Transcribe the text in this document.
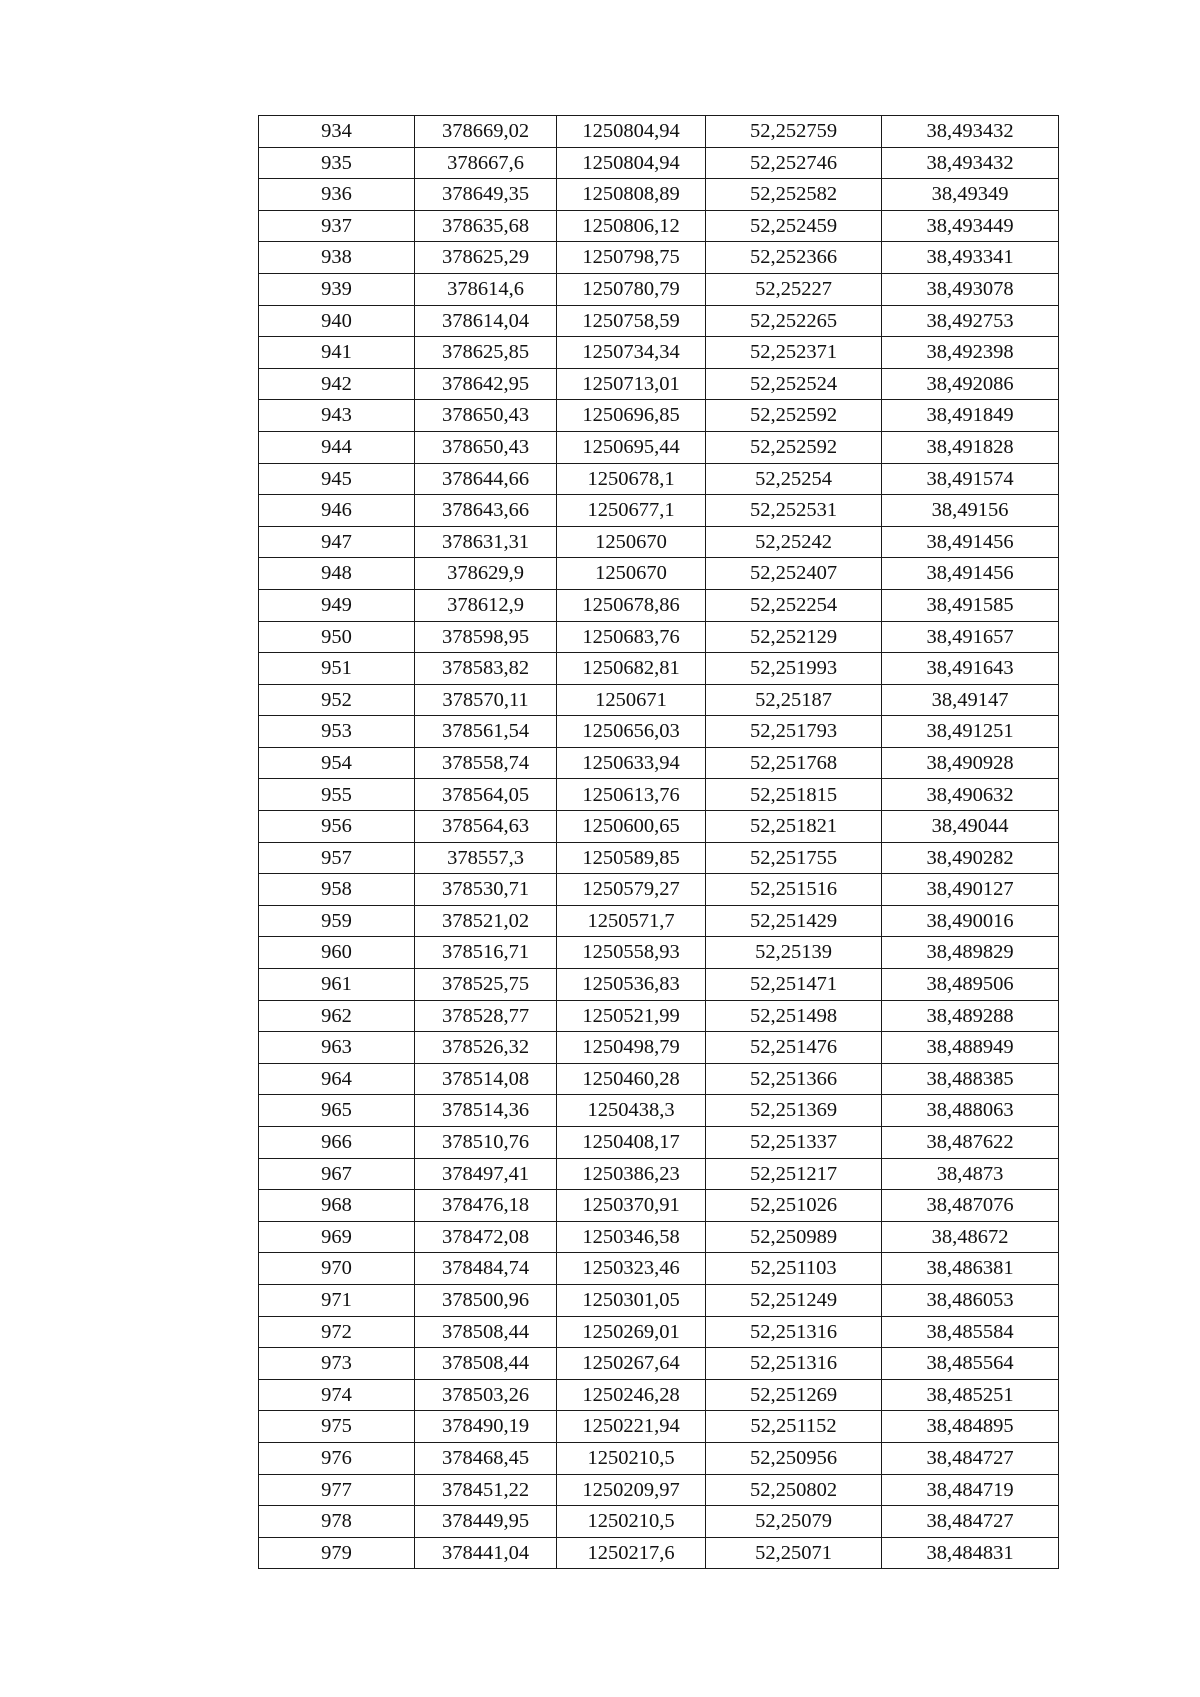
934	378669,02	1250804,94	52,252759	38,493432
935	378667,6	1250804,94	52,252746	38,493432
936	378649,35	1250808,89	52,252582	38,49349
937	378635,68	1250806,12	52,252459	38,493449
938	378625,29	1250798,75	52,252366	38,493341
939	378614,6	1250780,79	52,25227	38,493078
940	378614,04	1250758,59	52,252265	38,492753
941	378625,85	1250734,34	52,252371	38,492398
942	378642,95	1250713,01	52,252524	38,492086
943	378650,43	1250696,85	52,252592	38,491849
944	378650,43	1250695,44	52,252592	38,491828
945	378644,66	1250678,1	52,25254	38,491574
946	378643,66	1250677,1	52,252531	38,49156
947	378631,31	1250670	52,25242	38,491456
948	378629,9	1250670	52,252407	38,491456
949	378612,9	1250678,86	52,252254	38,491585
950	378598,95	1250683,76	52,252129	38,491657
951	378583,82	1250682,81	52,251993	38,491643
952	378570,11	1250671	52,25187	38,49147
953	378561,54	1250656,03	52,251793	38,491251
954	378558,74	1250633,94	52,251768	38,490928
955	378564,05	1250613,76	52,251815	38,490632
956	378564,63	1250600,65	52,251821	38,49044
957	378557,3	1250589,85	52,251755	38,490282
958	378530,71	1250579,27	52,251516	38,490127
959	378521,02	1250571,7	52,251429	38,490016
960	378516,71	1250558,93	52,25139	38,489829
961	378525,75	1250536,83	52,251471	38,489506
962	378528,77	1250521,99	52,251498	38,489288
963	378526,32	1250498,79	52,251476	38,488949
964	378514,08	1250460,28	52,251366	38,488385
965	378514,36	1250438,3	52,251369	38,488063
966	378510,76	1250408,17	52,251337	38,487622
967	378497,41	1250386,23	52,251217	38,4873
968	378476,18	1250370,91	52,251026	38,487076
969	378472,08	1250346,58	52,250989	38,48672
970	378484,74	1250323,46	52,251103	38,486381
971	378500,96	1250301,05	52,251249	38,486053
972	378508,44	1250269,01	52,251316	38,485584
973	378508,44	1250267,64	52,251316	38,485564
974	378503,26	1250246,28	52,251269	38,485251
975	378490,19	1250221,94	52,251152	38,484895
976	378468,45	1250210,5	52,250956	38,484727
977	378451,22	1250209,97	52,250802	38,484719
978	378449,95	1250210,5	52,25079	38,484727
979	378441,04	1250217,6	52,25071	38,484831
